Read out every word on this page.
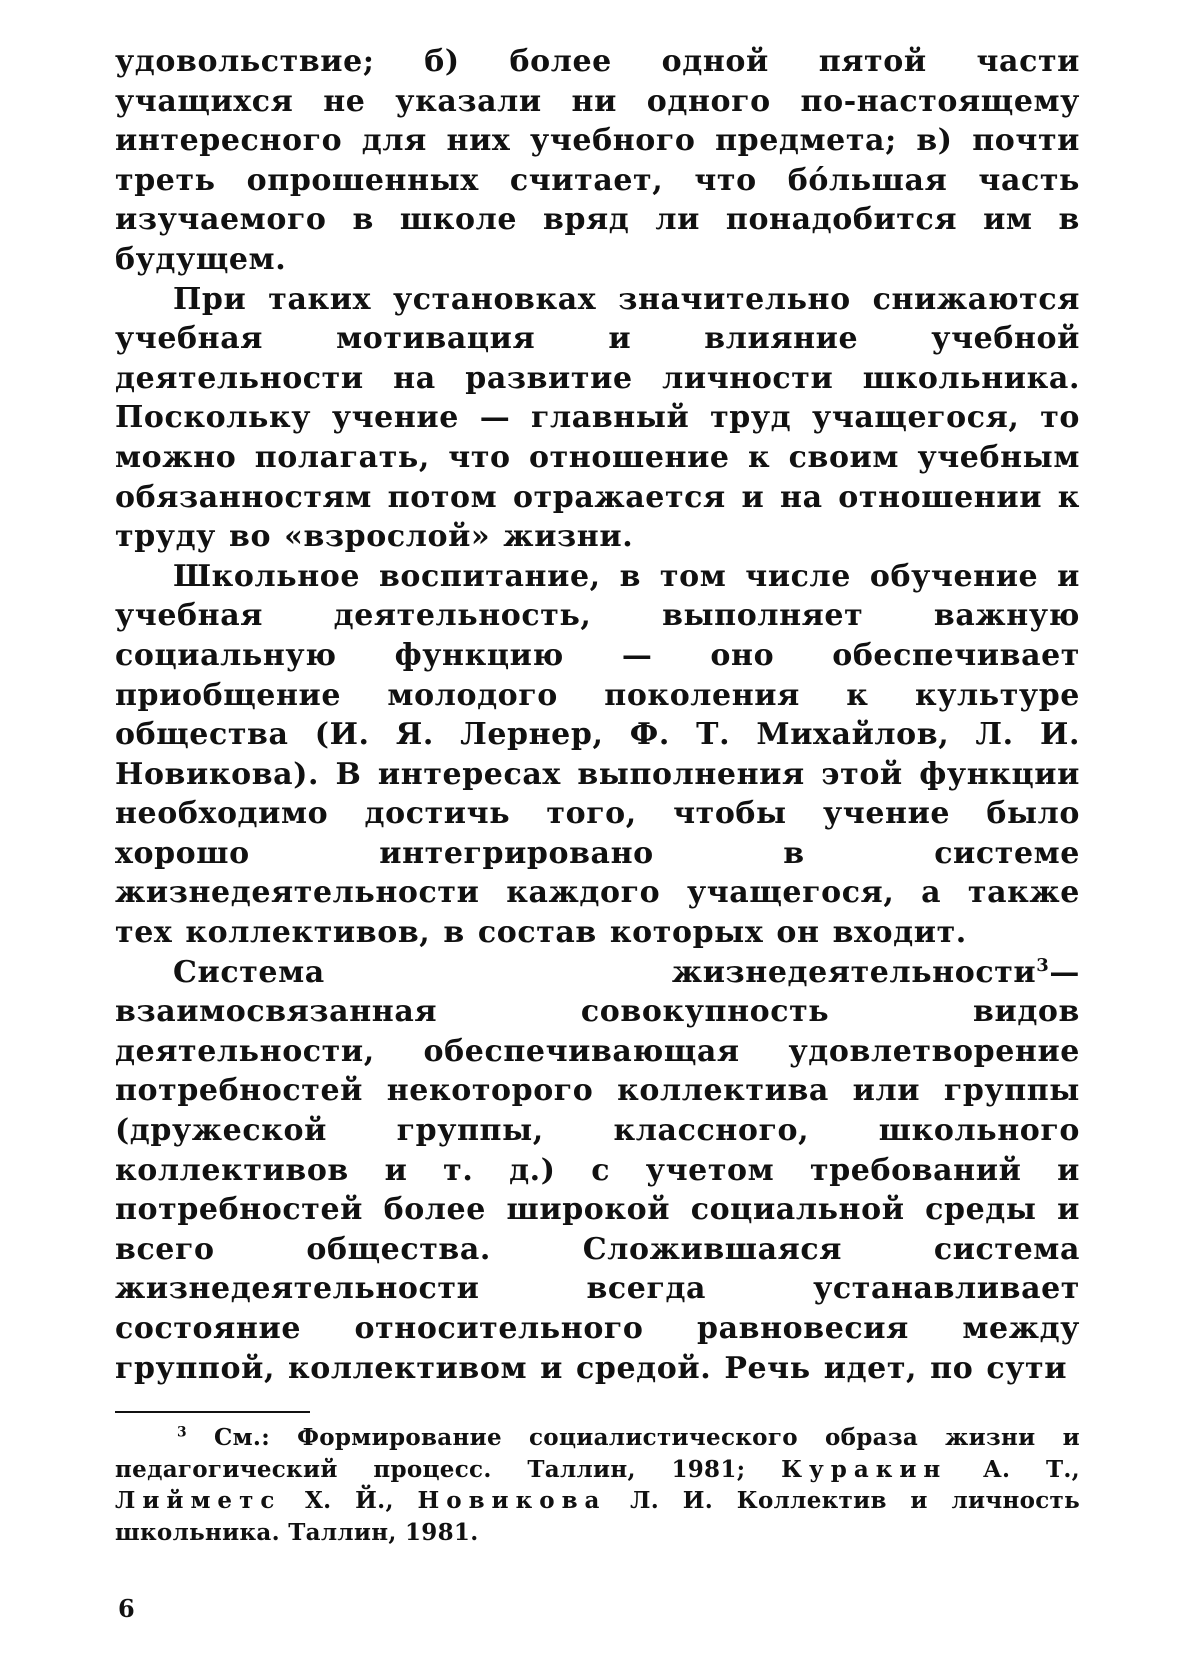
удовольствие; б) более одной пятой части учащихся не указали ни одного по-настоящему интересного для них учебного предмета; в) почти треть опрошенных считает, что бо́льшая часть изучаемого в школе вряд ли понадобится им в будущем.

При таких установках значительно снижаются учебная мотивация и влияние учебной деятельности на развитие личности школьника. Поскольку учение — главный труд учащегося, то можно полагать, что отношение к своим учебным обязанностям потом отражается и на отношении к труду во «взрослой» жизни.

Школьное воспитание, в том числе обучение и учебная деятельность, выполняет важную социальную функцию — оно обеспечивает приобщение молодого поколения к культуре общества (И. Я. Лернер, Ф. Т. Михайлов, Л. И. Новикова). В интересах выполнения этой функции необходимо достичь того, чтобы учение было хорошо интегрировано в системе жизнедеятельности каждого учащегося, а также тех коллективов, в состав которых он входит.

Система жизнедеятельности$^3$— взаимосвязанная совокупность видов деятельности, обеспечивающая удовлетворение потребностей некоторого коллектива или группы (дружеской группы, классного, школьного коллективов и т. д.) с учетом требований и потребностей более широкой социальной среды и всего общества. Сложившаяся система жизнедеятельности всегда устанавливает состояние относительного равновесия между группой, коллективом и средой. Речь идет, по сути

$^3$ См.: Формирование социалистического образа жизни и педагогический процесс. Таллин, 1981; Куракин А. Т., Лийметс Х. Й., Новикова Л. И. Коллектив и личность школьника. Таллин, 1981.

6
